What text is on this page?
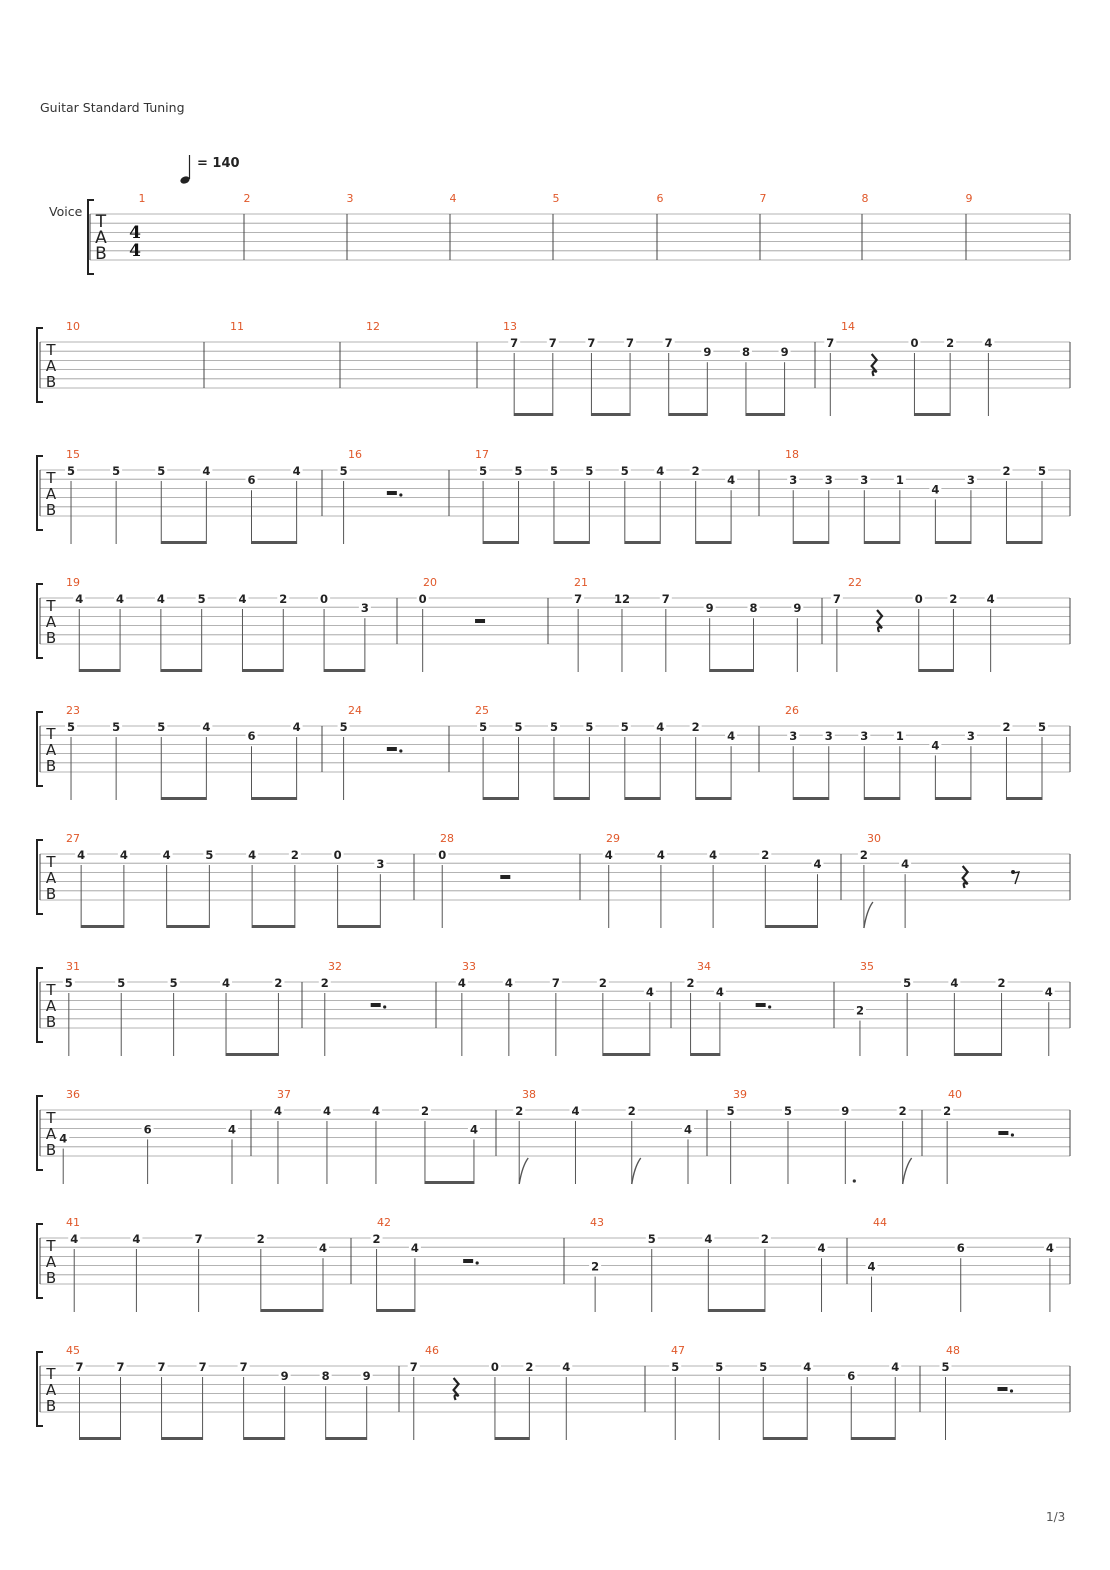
Guitar Standard Tuning
= 140
Voice
T
A
B
4
4
1	2	3	4	5	6	7	8	9
T
A
B
10	11	12	13
7	7	7	7	7
9	8	9
14
7	0 2	4
T
A
B
15
5	5	5	4
6
4
16
5
17
5 5 5 5 5 4 2
4
18
3 3 3 1
4
3
2 5
T
A
B
19
4	4	4	5	4	2	0
3
20
0
21
7	12	7
9	8	9
22
7	0 2	4
T
A
B
23
5	5	5	4
6
4
24
5
25
5 5 5 5 5 4 2
4
26
3 3 3 1
4
3
2 5
T
A
B
27
4	4	4	5	4	2	0
3
28
0
29
4	4	4	2
4
30
2
4
T
A
B
31
5	5	5	4	2
32
2
33
4	4	7	2
4
34
2
4
35
2
5	4	2
4
T
A
B
36
4
6	4
37
4	4	4	2
4
38
2	4	2
4
39
5	5	9	2
40
2
T
A
B
41
4	4	7	2
4
42
2
4
43
2
5	4	2
4
44
4
6	4
T
A
B
45
7	7	7	7	7
9	8	9
46
7	0 2	4
47
5	5	5	4
6
4
48
5
1/3
